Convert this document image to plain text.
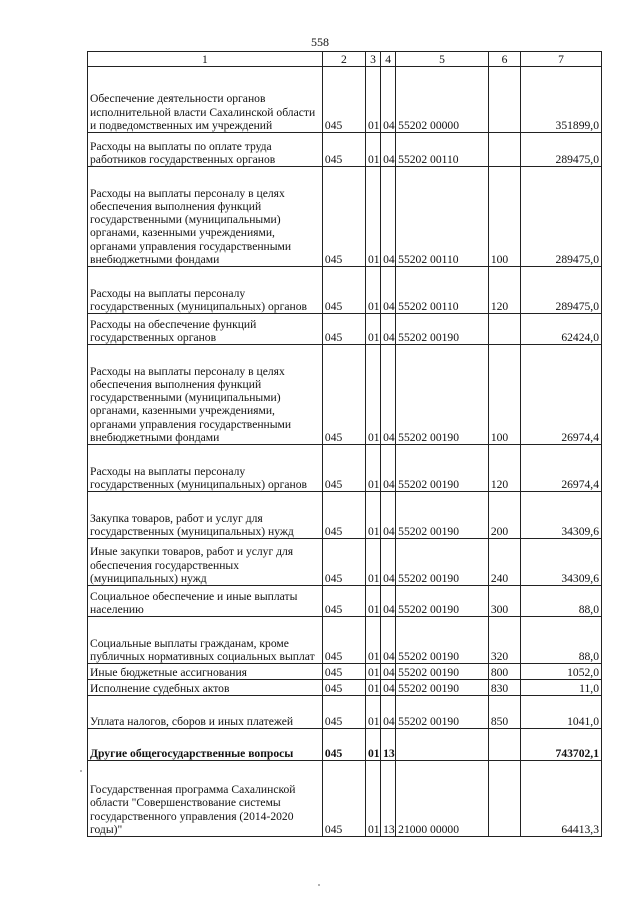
558
1	2	3	4	5	6	7
Обеспечение деятельности органов исполнительной власти Сахалинской области и подведомственных им учреждений	045	01	04	55202 00000		351899,0
Расходы на выплаты по оплате труда работников государственных органов	045	01	04	55202 00110		289475,0
Расходы на выплаты персоналу в целях обеспечения выполнения функций государственными (муниципальными) органами, казенными учреждениями, органами управления государственными внебюджетными фондами	045	01	04	55202 00110	100	289475,0
Расходы на выплаты персоналу государственных (муниципальных) органов	045	01	04	55202 00110	120	289475,0
Расходы на обеспечение функций государственных органов	045	01	04	55202 00190		62424,0
Расходы на выплаты персоналу в целях обеспечения выполнения функций государственными (муниципальными) органами, казенными учреждениями, органами управления государственными внебюджетными фондами	045	01	04	55202 00190	100	26974,4
Расходы на выплаты персоналу государственных (муниципальных) органов	045	01	04	55202 00190	120	26974,4
Закупка товаров, работ и услуг для государственных (муниципальных) нужд	045	01	04	55202 00190	200	34309,6
Иные закупки товаров, работ и услуг для обеспечения государственных (муниципальных) нужд	045	01	04	55202 00190	240	34309,6
Социальное обеспечение и иные выплаты населению	045	01	04	55202 00190	300	88,0
Социальные выплаты гражданам, кроме публичных нормативных социальных выплат	045	01	04	55202 00190	320	88,0
Иные бюджетные ассигнования	045	01	04	55202 00190	800	1052,0
Исполнение судебных актов	045	01	04	55202 00190	830	11,0
Уплата налогов, сборов и иных платежей	045	01	04	55202 00190	850	1041,0
Другие общегосударственные вопросы	045	01	13			743702,1
Государственная программа Сахалинской области "Совершенствование системы государственного управления (2014-2020 годы)"	045	01	13	21000 00000		64413,3
